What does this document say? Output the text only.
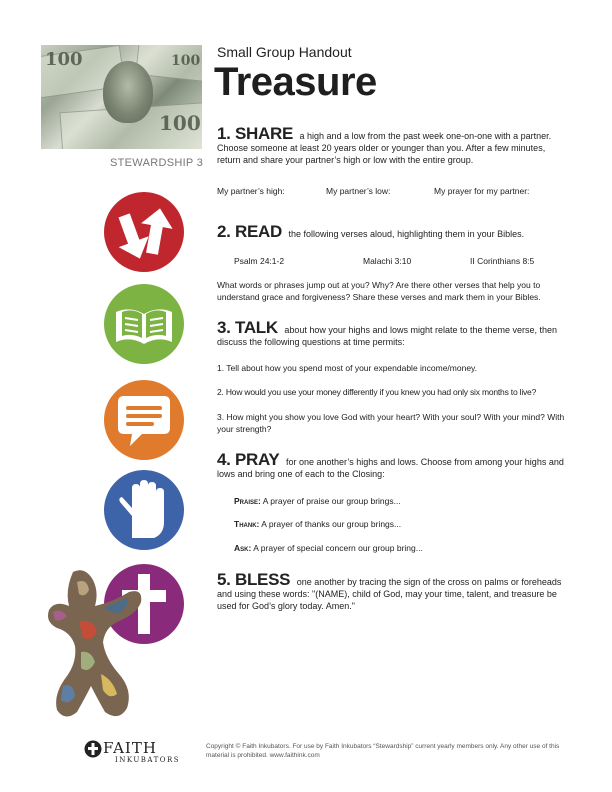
100
100
100
STEWARDSHIP 3
Small Group Handout
Treasure
1. SHARE a high and a low from the past week one-on-one with a partner. Choose someone at least 20 years older or younger than you. After a few minutes, return and share your partner’s high or low with the entire group.
My partner’s high:	My partner’s low:	My prayer for my partner:
2. READ the following verses aloud, highlighting them in your Bibles.
Psalm 24:1-2	Malachi 3:10	II Corinthians 8:5
What words or phrases jump out at you? Why? Are there other verses that help you to understand grace and forgiveness? Share these verses and mark them in your Bibles.
3. TALK about how your highs and lows might relate to the theme verse, then discuss the following questions at time permits:
1. Tell about how you spend most of your expendable income/money.
2. How would you use your money differently if you knew you had only six months to live?
3. How might you show you love God with your heart? With your soul? With your mind? With your strength?
4. PRAY for one another’s highs and lows. Choose from among your highs and lows and bring one of each to the Closing:
Praise: A prayer of praise our group brings...
Thank: A prayer of thanks our group brings...
Ask: A prayer of special concern our group bring...
5. BLESS one another by tracing the sign of the cross on palms or foreheads and using these words: "(NAME), child of God, may your time, talent, and treasure be used for God’s glory today. Amen."
FAITH
INKUBATORS
Copyright © Faith Inkubators. For use by Faith Inkubators “Stewardship” current yearly members only. Any other use of this material is prohibited. www.faithink.com
